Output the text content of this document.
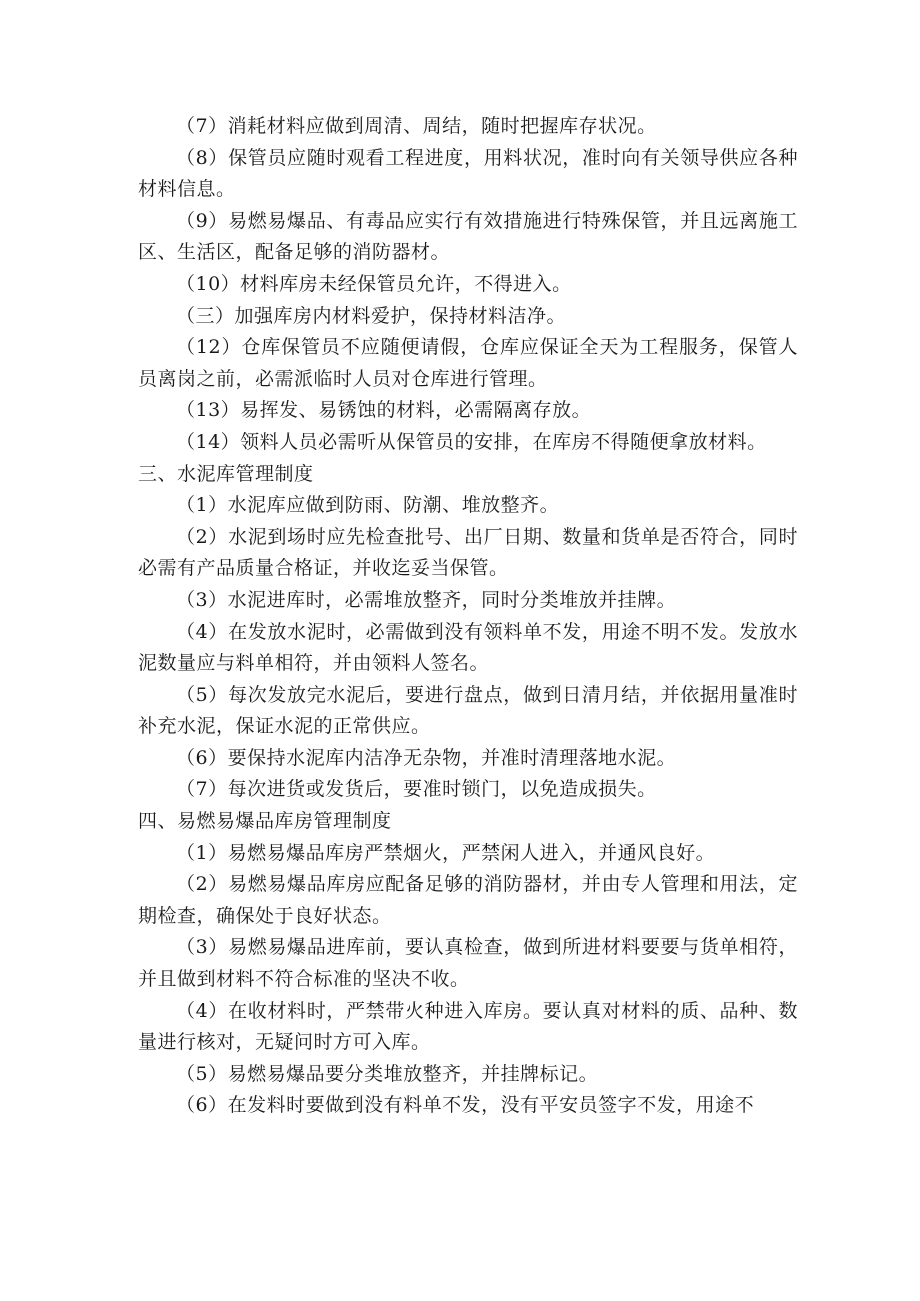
（7）消耗材料应做到周清、周结，随时把握库存状况。

（8）保管员应随时观看工程进度，用料状况，准时向有关领导供应各种材料信息。

（9）易燃易爆品、有毒品应实行有效措施进行特殊保管，并且远离施工区、生活区，配备足够的消防器材。

（10）材料库房未经保管员允许，不得进入。

（三）加强库房内材料爱护，保持材料洁净。

（12）仓库保管员不应随便请假，仓库应保证全天为工程服务，保管人员离岗之前，必需派临时人员对仓库进行管理。

（13）易挥发、易锈蚀的材料，必需隔离存放。

（14）领料人员必需听从保管员的安排，在库房不得随便拿放材料。

三、水泥库管理制度

（1）水泥库应做到防雨、防潮、堆放整齐。

（2）水泥到场时应先检查批号、出厂日期、数量和货单是否符合，同时必需有产品质量合格证，并收迄妥当保管。

（3）水泥进库时，必需堆放整齐，同时分类堆放并挂牌。

（4）在发放水泥时，必需做到没有领料单不发，用途不明不发。发放水泥数量应与料单相符，并由领料人签名。

（5）每次发放完水泥后，要进行盘点，做到日清月结，并依据用量准时补充水泥，保证水泥的正常供应。

（6）要保持水泥库内洁净无杂物，并准时清理落地水泥。

（7）每次进货或发货后，要准时锁门，以免造成损失。

四、易燃易爆品库房管理制度

（1）易燃易爆品库房严禁烟火，严禁闲人进入，并通风良好。

（2）易燃易爆品库房应配备足够的消防器材，并由专人管理和用法，定期检查，确保处于良好状态。

（3）易燃易爆品进库前，要认真检查，做到所进材料要要与货单相符，并且做到材料不符合标准的坚决不收。

（4）在收材料时，严禁带火种进入库房。要认真对材料的质、品种、数量进行核对，无疑问时方可入库。

（5）易燃易爆品要分类堆放整齐，并挂牌标记。

（6）在发料时要做到没有料单不发，没有平安员签字不发，用途不
